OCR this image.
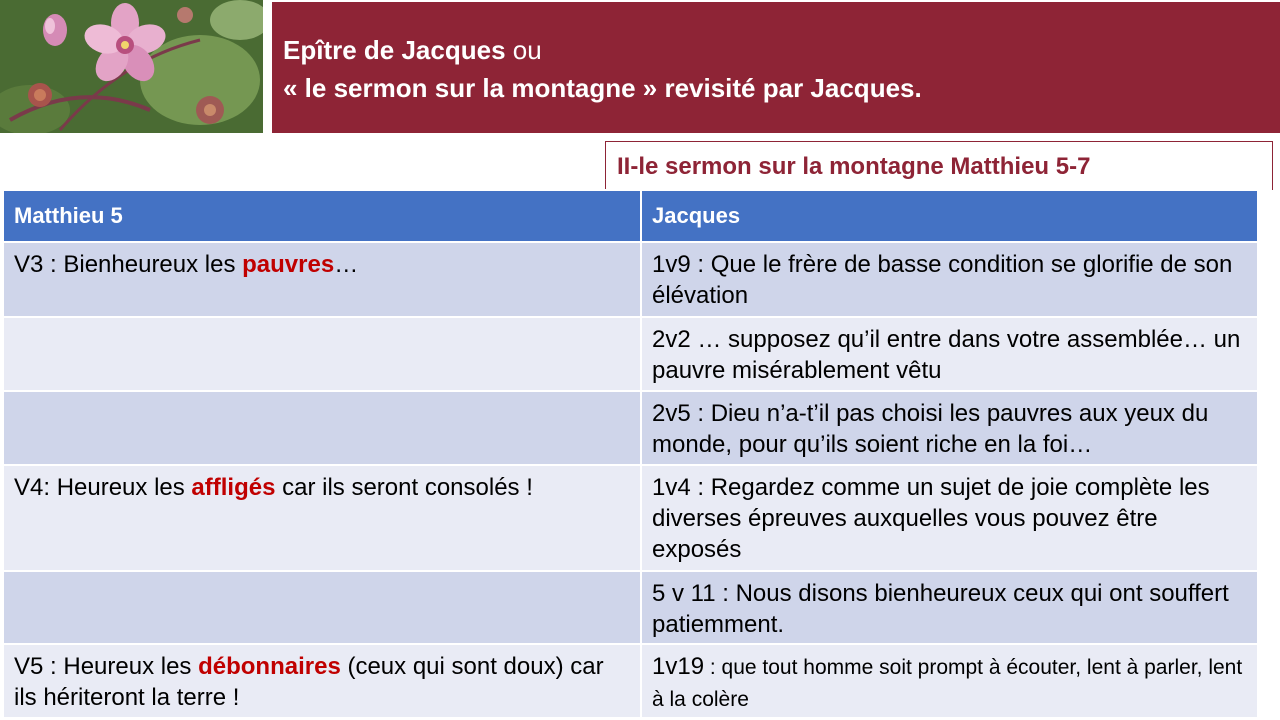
Epître de Jacques ou
« le sermon sur la montagne » revisité par Jacques.
II-le sermon sur la montagne Matthieu 5-7
Matthieu 5	Jacques
V3 : Bienheureux les pauvres…	1v9 : Que le frère de basse condition se glorifie de son élévation
	2v2 … supposez qu’il entre dans votre assemblée… un pauvre misérablement vêtu
	2v5 : Dieu n’a-t’il pas choisi les pauvres aux yeux du monde, pour qu’ils soient riche en la foi…
V4: Heureux les affligés car ils seront consolés !	1v4 : Regardez comme un sujet de joie complète les diverses épreuves auxquelles vous pouvez être exposés
	5 v 11 : Nous disons bienheureux ceux qui ont souffert patiemment.
V5 : Heureux les débonnaires (ceux qui sont doux) car ils hériteront la terre !	1v19 : que tout homme soit prompt à écouter, lent à parler, lent à la colère
